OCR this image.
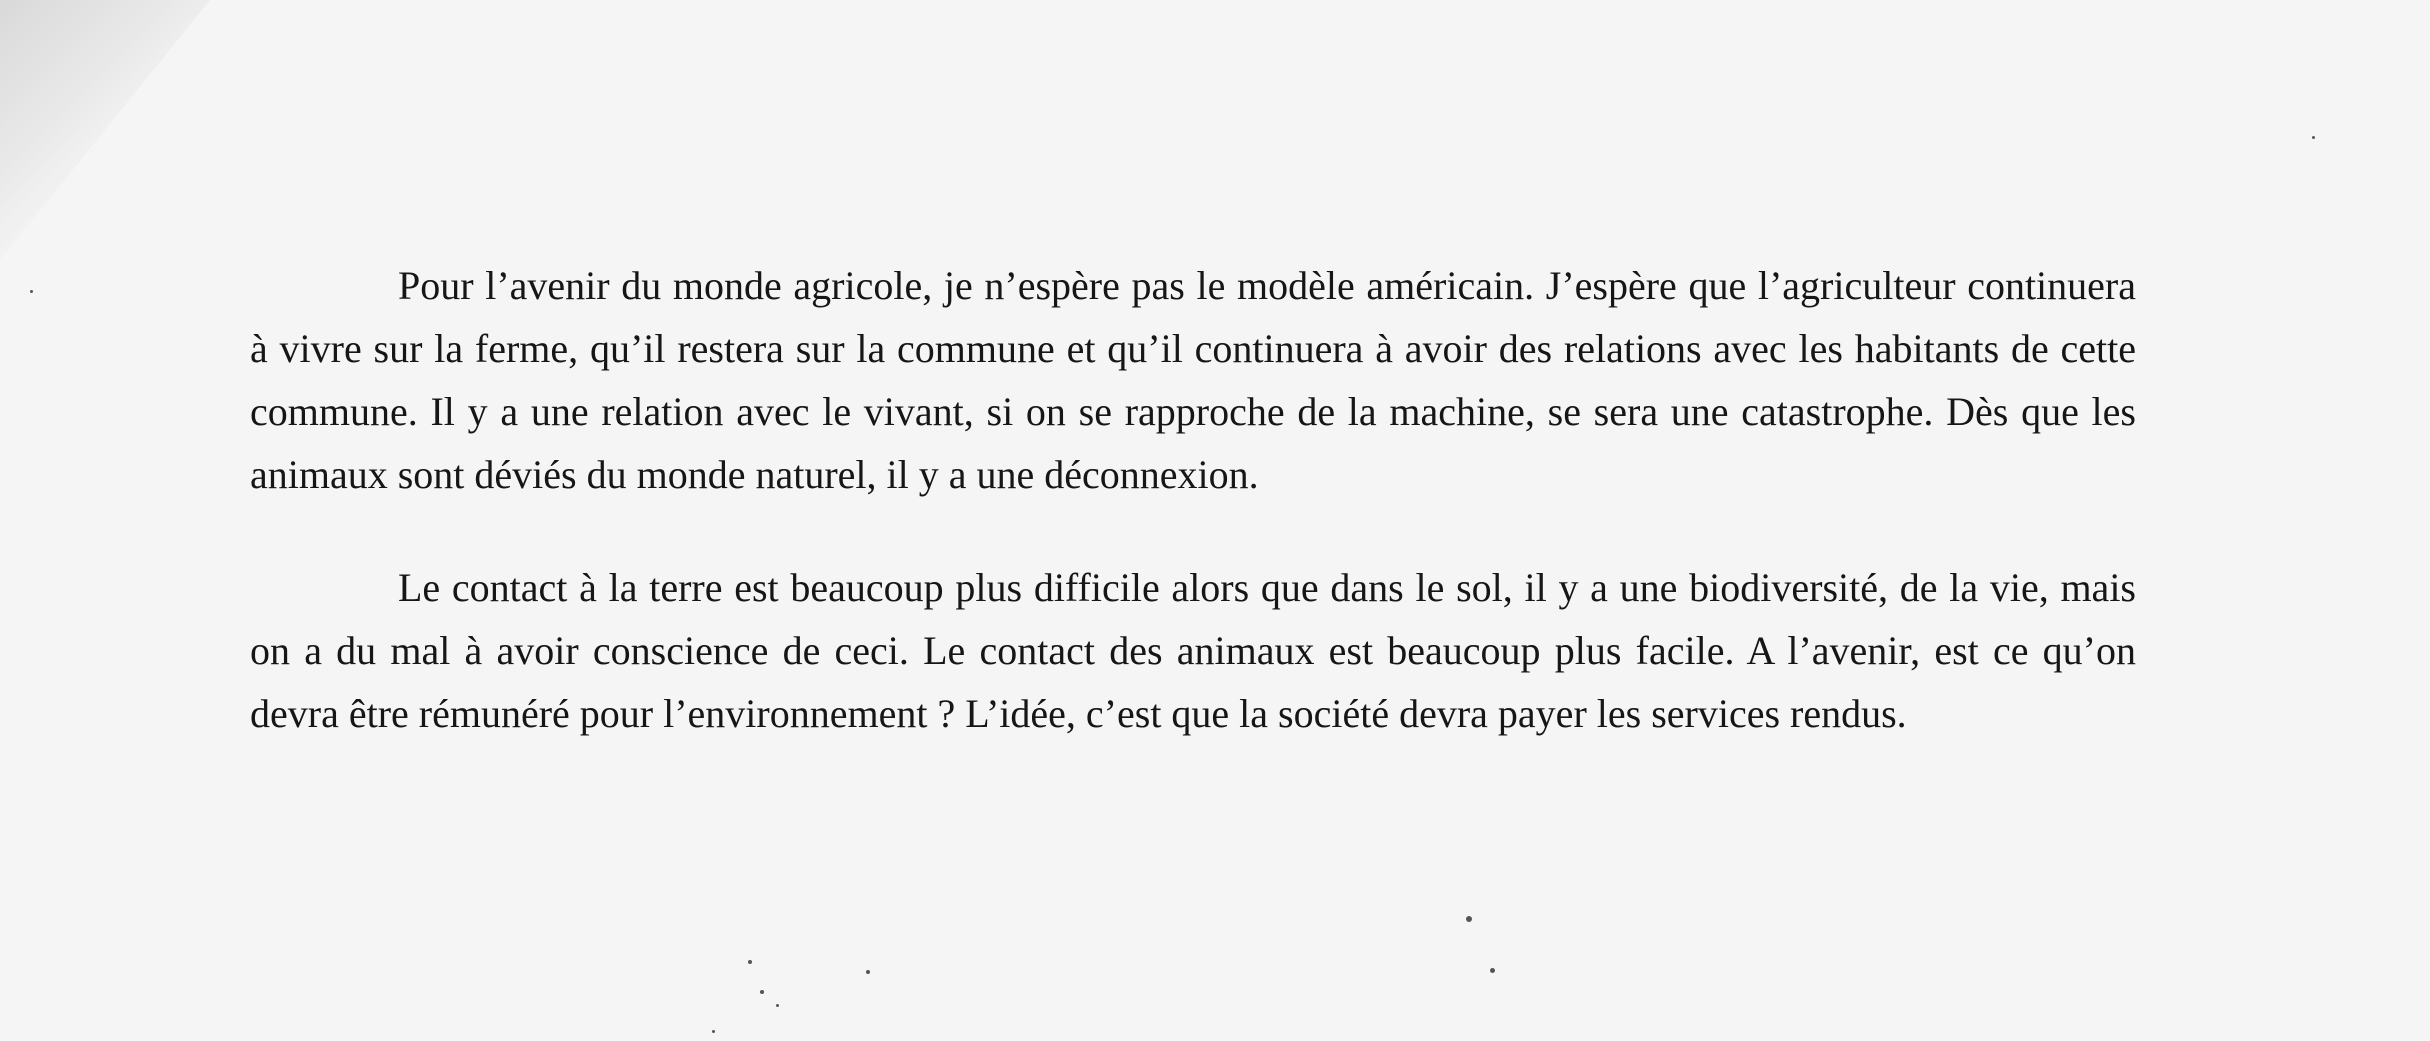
Pour l’avenir du monde agricole, je n’espère pas le modèle américain. J’espère que l’agriculteur continuera à vivre sur la ferme, qu’il restera sur la commune et qu’il continuera à avoir des relations avec les habitants de cette commune. Il y a une relation avec le vivant, si on se rapproche de la machine, se sera une catastrophe. Dès que les animaux sont déviés du monde naturel, il y a une déconnexion.

Le contact à la terre est beaucoup plus difficile alors que dans le sol, il y a une biodiversité, de la vie, mais on a du mal à avoir conscience de ceci. Le contact des animaux est beaucoup plus facile. A l’avenir, est ce qu’on devra être rémunéré pour l’environnement ? L’idée, c’est que la société devra payer les services rendus.
